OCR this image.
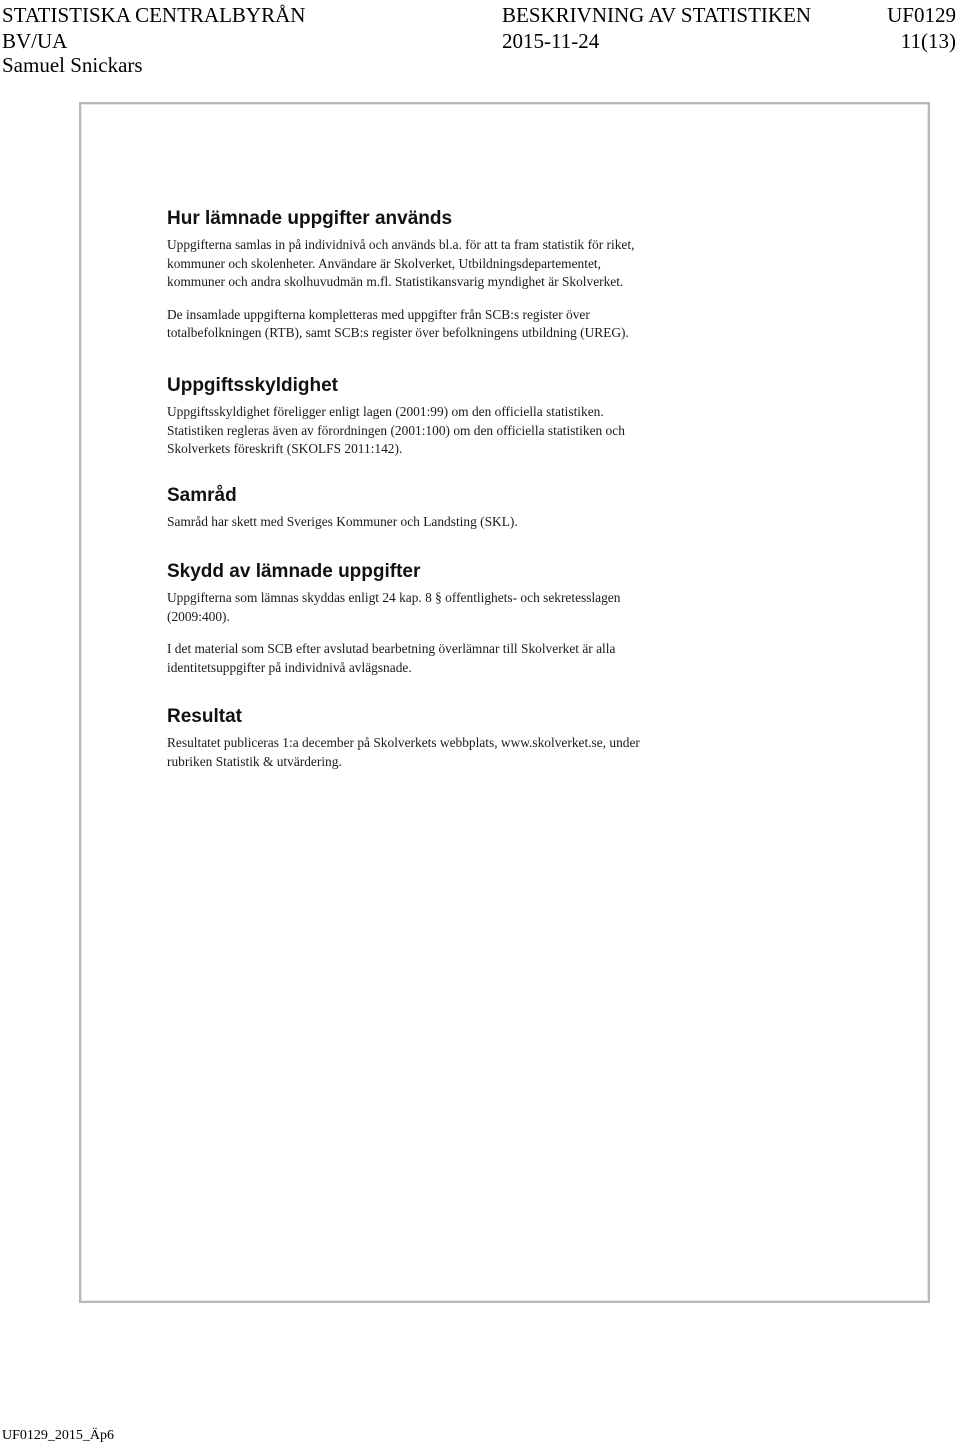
STATISTISKA CENTRALBYRÅN	BESKRIVNING AV STATISTIKEN	UF0129
BV/UA	2015-11-24	11(13)
Samuel Snickars

Hur lämnade uppgifter används

Uppgifterna samlas in på individnivå och används bl.a. för att ta fram statistik för riket,

kommuner och skolenheter. Användare är Skolverket, Utbildningsdepartementet,

kommuner och andra skolhuvudmän m.fl. Statistikansvarig myndighet är Skolverket.

De insamlade uppgifterna kompletteras med uppgifter från SCB:s register över

totalbefolkningen (RTB), samt SCB:s register över befolkningens utbildning (UREG).

Uppgiftsskyldighet

Uppgiftsskyldighet föreligger enligt lagen (2001:99) om den officiella statistiken.

Statistiken regleras även av förordningen (2001:100) om den officiella statistiken och

Skolverkets föreskrift (SKOLFS 2011:142).

Samråd

Samråd har skett med Sveriges Kommuner och Landsting (SKL).

Skydd av lämnade uppgifter

Uppgifterna som lämnas skyddas enligt 24 kap. 8 § offentlighets- och sekretesslagen

(2009:400).

I det material som SCB efter avslutad bearbetning överlämnar till Skolverket är alla

identitetsuppgifter på individnivå avlägsnade.

Resultat

Resultatet publiceras 1:a december på Skolverkets webbplats, www.skolverket.se, under

rubriken Statistik & utvärdering.

UF0129_2015_Äp6
